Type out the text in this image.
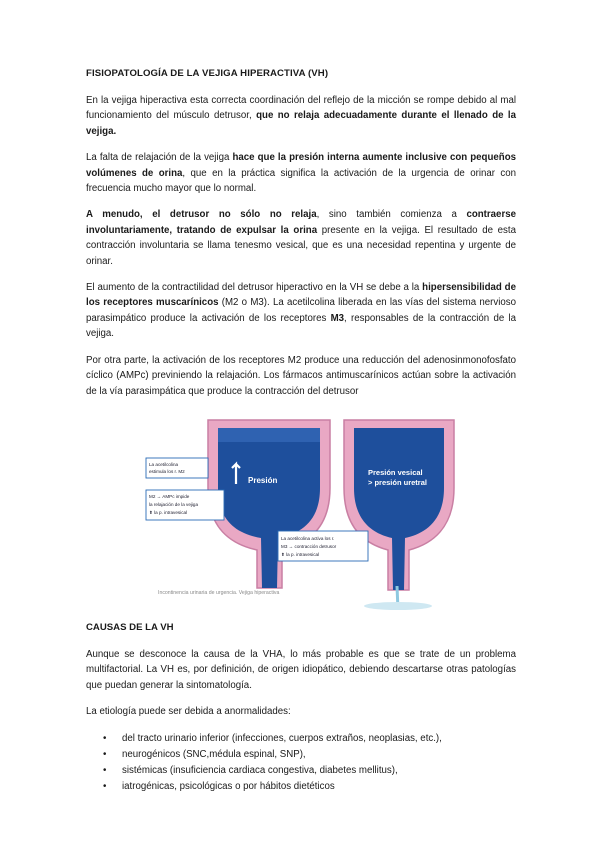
FISIOPATOLOGÍA DE LA VEJIGA HIPERACTIVA (VH)

En la vejiga hiperactiva esta correcta coordinación del reflejo de la micción se rompe debido al mal funcionamiento del músculo detrusor, que no relaja adecuadamente durante el llenado de la vejiga.

La falta de relajación de la vejiga hace que la presión interna aumente inclusive con pequeños volúmenes de orina, que en la práctica significa la activación de la urgencia de orinar con frecuencia mucho mayor que lo normal.

A menudo, el detrusor no sólo no relaja, sino también comienza a contraerse involuntariamente, tratando de expulsar la orina presente en la vejiga. El resultado de esta contracción involuntaria se llama tenesmo vesical, que es una necesidad repentina y urgente de orinar.

El aumento de la contractilidad del detrusor hiperactivo en la VH se debe a la hipersensibilidad de los receptores muscarínicos (M2 o M3). La acetilcolina liberada en las vías del sistema nervioso parasimpático produce la activación de los receptores M3, responsables de la contracción de la vejiga.

Por otra parte, la activación de los receptores M2 produce una reducción del adenosinmonofosfato cíclico (AMPc) previniendo la relajación. Los fármacos antimuscarínicos actúan sobre la activación de la vía parasimpática que produce la contracción del detrusor

Presión
Presión vesical
> presión uretral
La acetilcolina
estimula los r. M2
M2 → AMPc impide
la relajación de la vejiga
⬆ la p. intravesical
La acetilcolina activa los r.
M3 → contracción detrusor
⬆ la p. intravesical
Incontinencia urinaria de urgencia. Vejiga hiperactiva
CAUSAS DE LA VH

Aunque se desconoce la causa de la VHA, lo más probable es que se trate de un problema multifactorial. La VH es, por definición, de origen idiopático, debiendo descartarse otras patologías que puedan generar la sintomatología.

La etiología puede ser debida a anormalidades:

• del tracto urinario inferior (infecciones, cuerpos extraños, neoplasias, etc.),
• neurogénicos (SNC,médula espinal, SNP),
• sistémicas (insuficiencia cardiaca congestiva, diabetes mellitus),
• iatrogénicas, psicológicas o por hábitos dietéticos
